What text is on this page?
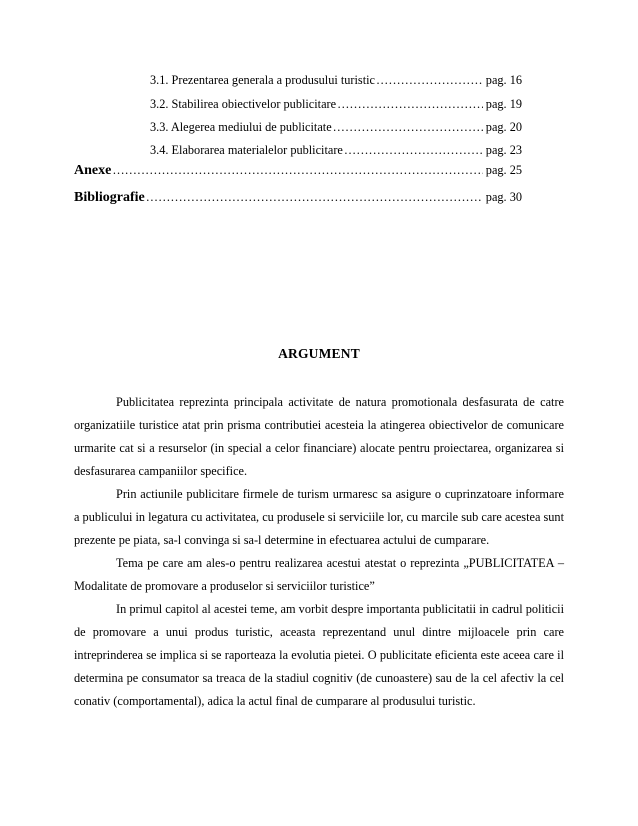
3.1. Prezentarea generala a produsului turistic ……………………………………………………………………………………………………………………………………………………………………	pag. 16
3.2. Stabilirea obiectivelor publicitare ……………………………………………………………………………………………………………………………………………………………………	pag. 19
3.3. Alegerea mediului de publicitate ……………………………………………………………………………………………………………………………………………………………………	pag. 20
3.4. Elaborarea materialelor publicitare ……………………………………………………………………………………………………………………………………………………………………	pag. 23
Anexe ……………………………………………………………………………………………………………………………………………………………………	pag. 25
Bibliografie ……………………………………………………………………………………………………………………………………………………………………	pag. 30
ARGUMENT

Publicitatea reprezinta principala activitate de natura promotionala desfasurata de catre organizatiile turistice atat prin prisma contributiei acesteia la atingerea obiectivelor de comunicare urmarite cat si a resurselor (in special a celor financiare) alocate pentru proiectarea, organizarea si desfasurarea campaniilor specifice.

Prin actiunile publicitare firmele de turism urmaresc sa asigure o cuprinzatoare informare a publicului in legatura cu activitatea, cu produsele si serviciile lor, cu marcile sub care acestea sunt prezente pe piata, sa-l convinga si sa-l determine in efectuarea actului de cumparare.

Tema pe care am ales-o pentru realizarea acestui atestat o reprezinta „PUBLICITATEA – Modalitate de promovare a produselor si serviciilor turistice”

In primul capitol al acestei teme, am vorbit despre importanta publicitatii in cadrul politicii de promovare a unui produs turistic, aceasta reprezentand unul dintre mijloacele prin care intreprinderea se implica si se raporteaza la evolutia pietei. O publicitate eficienta este aceea care il determina pe consumator sa treaca de la stadiul cognitiv (de cunoastere) sau de la cel afectiv la cel conativ (comportamental), adica la actul final de cumparare al produsului turistic.
